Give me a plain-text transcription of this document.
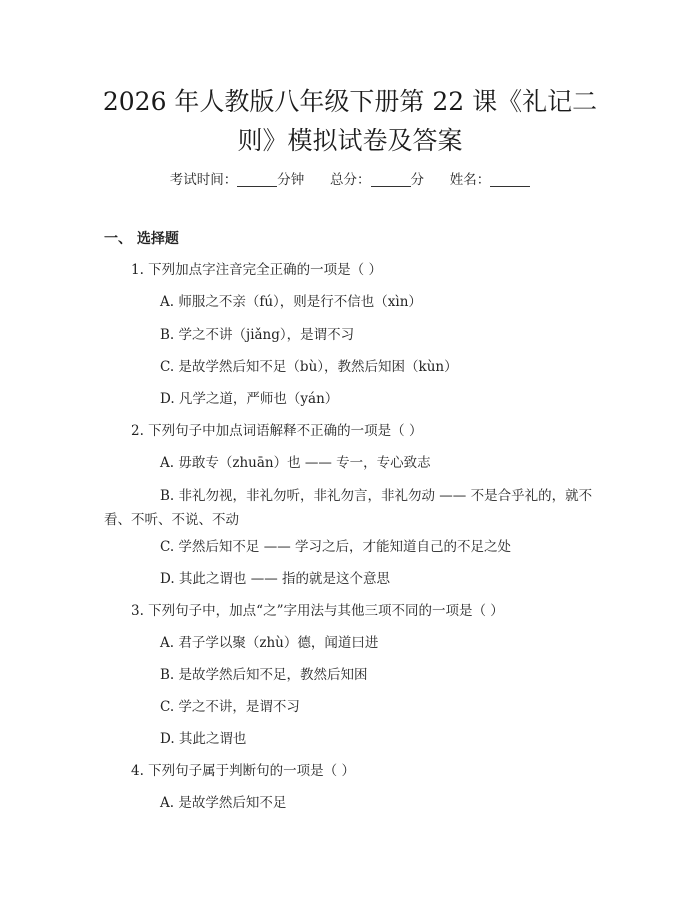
2026 年人教版八年级下册第 22 课《礼记二
则》模拟试卷及答案
考试时间：	分钟 总分：	分 姓名：
一、 选择题
1. 下列加点字注音完全正确的一项是（ ）
A. 师服之不亲（fú），则是行不信也（xìn）
B. 学之不讲（jiǎng），是谓不习
C. 是故学然后知不足（bù），教然后知困（kùn）
D. 凡学之道，严师也（yán）
2. 下列句子中加点词语解释不正确的一项是（ ）
A. 毋敢专（zhuān）也 —— 专一，专心致志
B. 非礼勿视，非礼勿听，非礼勿言，非礼勿动 —— 不是合乎礼的，就不看、不听、不说、不动
C. 学然后知不足 —— 学习之后，才能知道自己的不足之处
D. 其此之谓也 —— 指的就是这个意思
3. 下列句子中，加点“之”字用法与其他三项不同的一项是（ ）
A. 君子学以聚（zhù）德，闻道曰进
B. 是故学然后知不足，教然后知困
C. 学之不讲，是谓不习
D. 其此之谓也
4. 下列句子属于判断句的一项是（ ）
A. 是故学然后知不足
